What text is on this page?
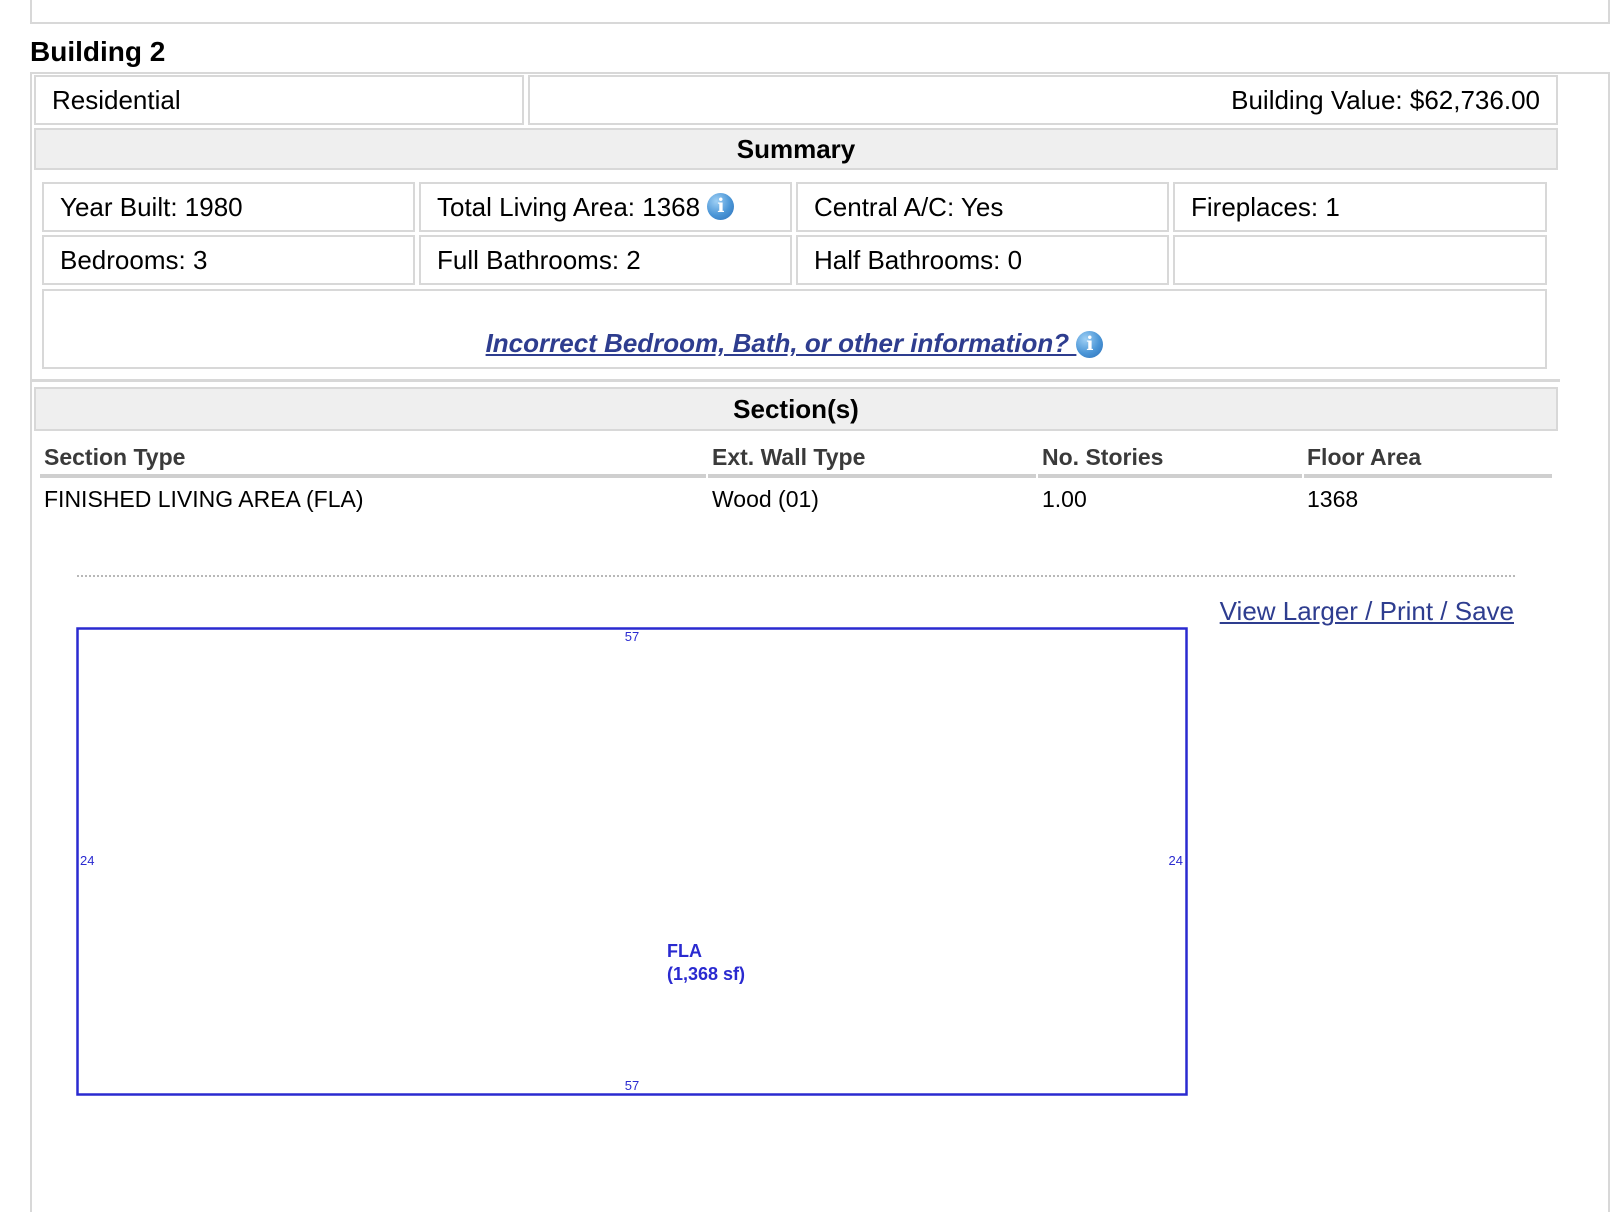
Building 2
Residential	Building Value: $62,736.00
Summary
Year Built: 1980	Total Living Area: 1368 i	Central A/C: Yes	Fireplaces: 1
Bedrooms: 3	Full Bathrooms: 2	Half Bathrooms: 0
Incorrect Bedroom, Bath, or other information? i
Section(s)
Section Type	Ext. Wall Type	No. Stories	Floor Area
FINISHED LIVING AREA (FLA)	Wood (01)	1.00	1368
View Larger / Print / Save
57
57
24	24
FLA
(1,368 sf)
